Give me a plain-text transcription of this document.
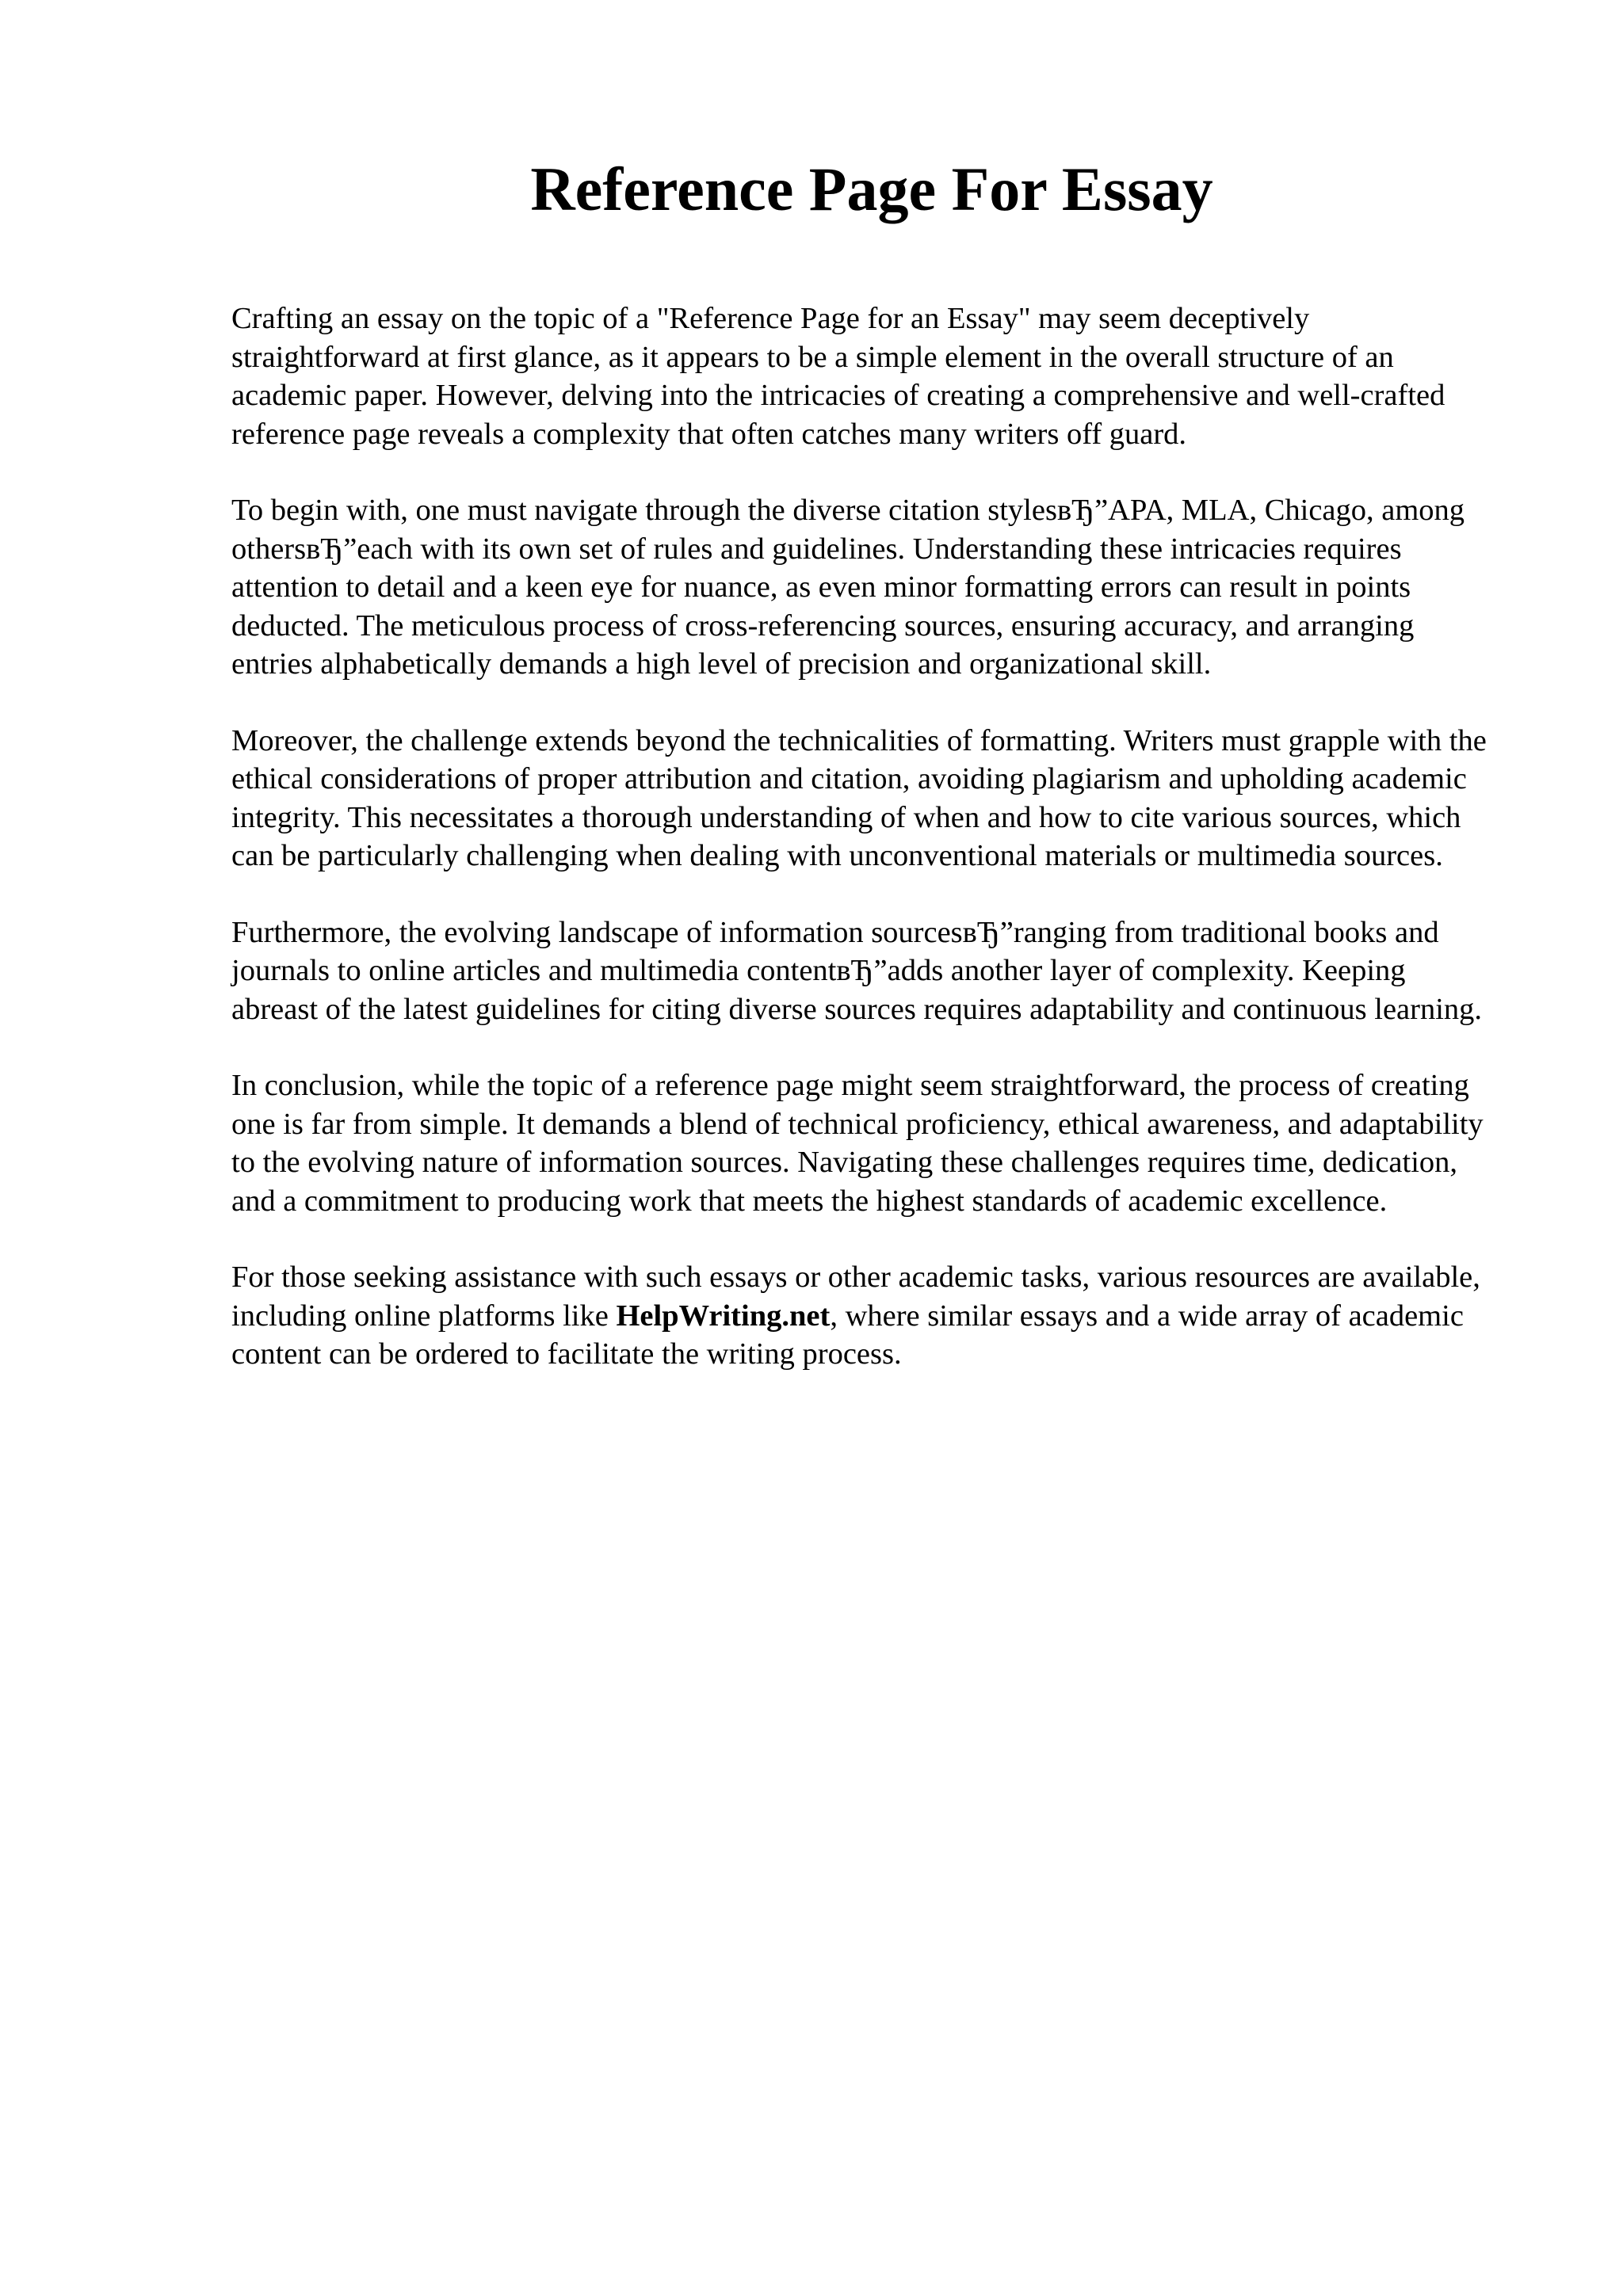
Reference Page For Essay

Crafting an essay on the topic of a "Reference Page for an Essay" may seem deceptively straightforward at first glance, as it appears to be a simple element in the overall structure of an academic paper. However, delving into the intricacies of creating a comprehensive and well-crafted reference page reveals a complexity that often catches many writers off guard.

To begin with, one must navigate through the diverse citation stylesвЂ”APA, MLA, Chicago, among othersвЂ”each with its own set of rules and guidelines. Understanding these intricacies requires attention to detail and a keen eye for nuance, as even minor formatting errors can result in points deducted. The meticulous process of cross-referencing sources, ensuring accuracy, and arranging entries alphabetically demands a high level of precision and organizational skill.

Moreover, the challenge extends beyond the technicalities of formatting. Writers must grapple with the ethical considerations of proper attribution and citation, avoiding plagiarism and upholding academic integrity. This necessitates a thorough understanding of when and how to cite various sources, which can be particularly challenging when dealing with unconventional materials or multimedia sources.

Furthermore, the evolving landscape of information sourcesвЂ”ranging from traditional books and journals to online articles and multimedia contentвЂ”adds another layer of complexity. Keeping abreast of the latest guidelines for citing diverse sources requires adaptability and continuous learning.

In conclusion, while the topic of a reference page might seem straightforward, the process of creating one is far from simple. It demands a blend of technical proficiency, ethical awareness, and adaptability to the evolving nature of information sources. Navigating these challenges requires time, dedication, and a commitment to producing work that meets the highest standards of academic excellence.

For those seeking assistance with such essays or other academic tasks, various resources are available, including online platforms like HelpWriting.net, where similar essays and a wide array of academic content can be ordered to facilitate the writing process.
